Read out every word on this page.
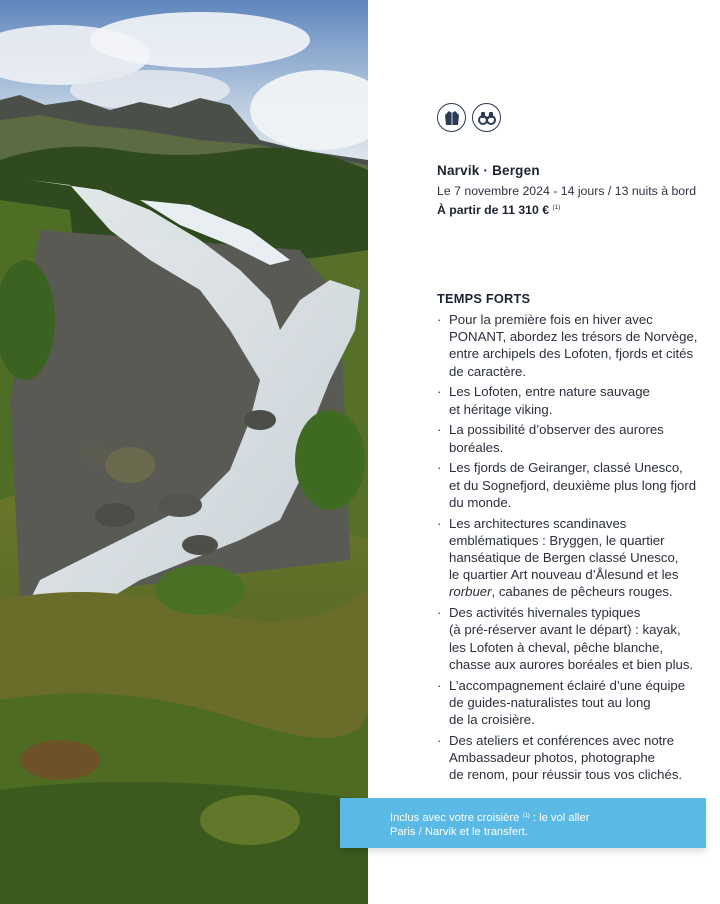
Narvik · Bergen
Le 7 novembre 2024 - 14 jours / 13 nuits à bord
À partir de 11 310 € $^{(1)}$
TEMPS FORTS
· Pour la première fois en hiver avec
PONANT, abordez les trésors de Norvège,
entre archipels des Lofoten, fjords et cités
de caractère.
· Les Lofoten, entre nature sauvage
et héritage viking.
· La possibilité d’observer des aurores
boréales.
· Les fjords de Geiranger, classé Unesco,
et du Sognefjord, deuxième plus long fjord
du monde.
· Les architectures scandinaves
emblématiques : Bryggen, le quartier
hanséatique de Bergen classé Unesco,
le quartier Art nouveau d’Ålesund et les
rorbuer, cabanes de pêcheurs rouges.
· Des activités hivernales typiques
(à pré-réserver avant le départ) : kayak,
les Lofoten à cheval, pêche blanche,
chasse aux aurores boréales et bien plus.
· L’accompagnement éclairé d’une équipe
de guides-naturalistes tout au long
de la croisière.
· Des ateliers et conférences avec notre
Ambassadeur photos, photographe
de renom, pour réussir tous vos clichés.
Inclus avec votre croisière $^{(1)}$ : le vol aller
Paris / Narvik et le transfert.
